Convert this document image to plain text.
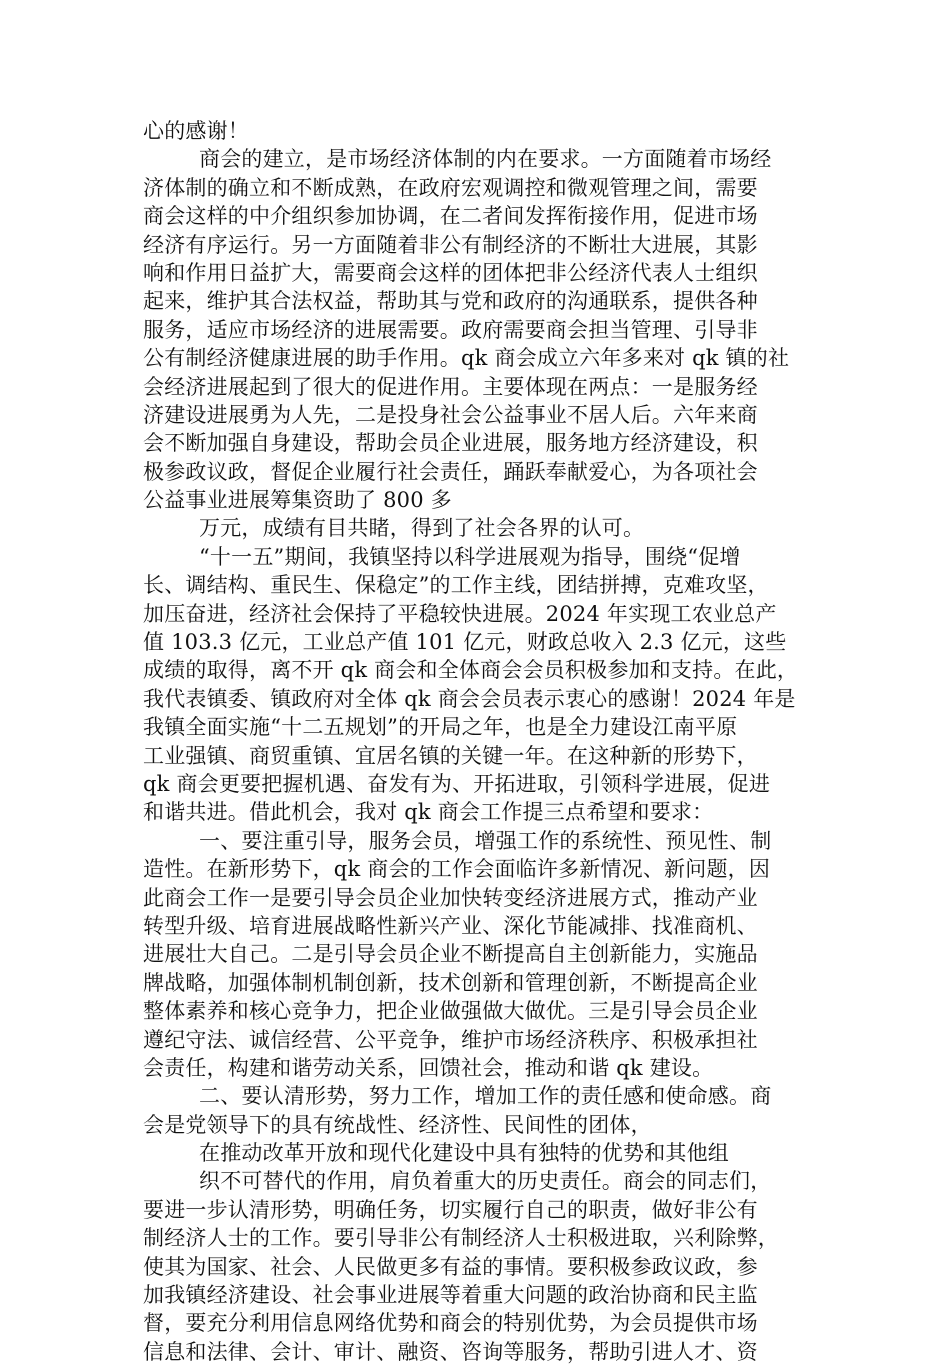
心的感谢！
商会的建立，是市场经济体制的内在要求。一方面随着市场经
济体制的确立和不断成熟，在政府宏观调控和微观管理之间，需要
商会这样的中介组织参加协调，在二者间发挥衔接作用，促进市场
经济有序运行。另一方面随着非公有制经济的不断壮大进展，其影
响和作用日益扩大，需要商会这样的团体把非公经济代表人士组织
起来，维护其合法权益，帮助其与党和政府的沟通联系，提供各种
服务，适应市场经济的进展需要。政府需要商会担当管理、引导非
公有制经济健康进展的助手作用。qk 商会成立六年多来对 qk 镇的社
会经济进展起到了很大的促进作用。主要体现在两点：一是服务经
济建设进展勇为人先，二是投身社会公益事业不居人后。六年来商
会不断加强自身建设，帮助会员企业进展，服务地方经济建设，积
极参政议政，督促企业履行社会责任，踊跃奉献爱心，为各项社会
公益事业进展筹集资助了 800 多
万元，成绩有目共睹，得到了社会各界的认可。
“十一五”期间，我镇坚持以科学进展观为指导，围绕“促增
长、调结构、重民生、保稳定”的工作主线，团结拼搏，克难攻坚，
加压奋进，经济社会保持了平稳较快进展。2024 年实现工农业总产
值 103.3 亿元，工业总产值 101 亿元，财政总收入 2.3 亿元，这些
成绩的取得，离不开 qk 商会和全体商会会员积极参加和支持。在此，
我代表镇委、镇政府对全体 qk 商会会员表示衷心的感谢！2024 年是
我镇全面实施“十二五规划”的开局之年，也是全力建设江南平原
工业强镇、商贸重镇、宜居名镇的关键一年。在这种新的形势下，
qk 商会更要把握机遇、奋发有为、开拓进取，引领科学进展，促进
和谐共进。借此机会，我对 qk 商会工作提三点希望和要求：
一、要注重引导，服务会员，增强工作的系统性、预见性、制
造性。在新形势下，qk 商会的工作会面临许多新情况、新问题，因
此商会工作一是要引导会员企业加快转变经济进展方式，推动产业
转型升级、培育进展战略性新兴产业、深化节能减排、找准商机、
进展壮大自己。二是引导会员企业不断提高自主创新能力，实施品
牌战略，加强体制机制创新，技术创新和管理创新，不断提高企业
整体素养和核心竞争力，把企业做强做大做优。三是引导会员企业
遵纪守法、诚信经营、公平竞争，维护市场经济秩序、积极承担社
会责任，构建和谐劳动关系，回馈社会，推动和谐 qk 建设。
二、要认清形势，努力工作，增加工作的责任感和使命感。商
会是党领导下的具有统战性、经济性、民间性的团体，
在推动改革开放和现代化建设中具有独特的优势和其他组
织不可替代的作用，肩负着重大的历史责任。商会的同志们，
要进一步认清形势，明确任务，切实履行自己的职责，做好非公有
制经济人士的工作。要引导非公有制经济人士积极进取，兴利除弊，
使其为国家、社会、人民做更多有益的事情。要积极参政议政，参
加我镇经济建设、社会事业进展等着重大问题的政治协商和民主监
督，要充分利用信息网络优势和商会的特别优势，为会员提供市场
信息和法律、会计、审计、融资、咨询等服务，帮助引进人才、资
